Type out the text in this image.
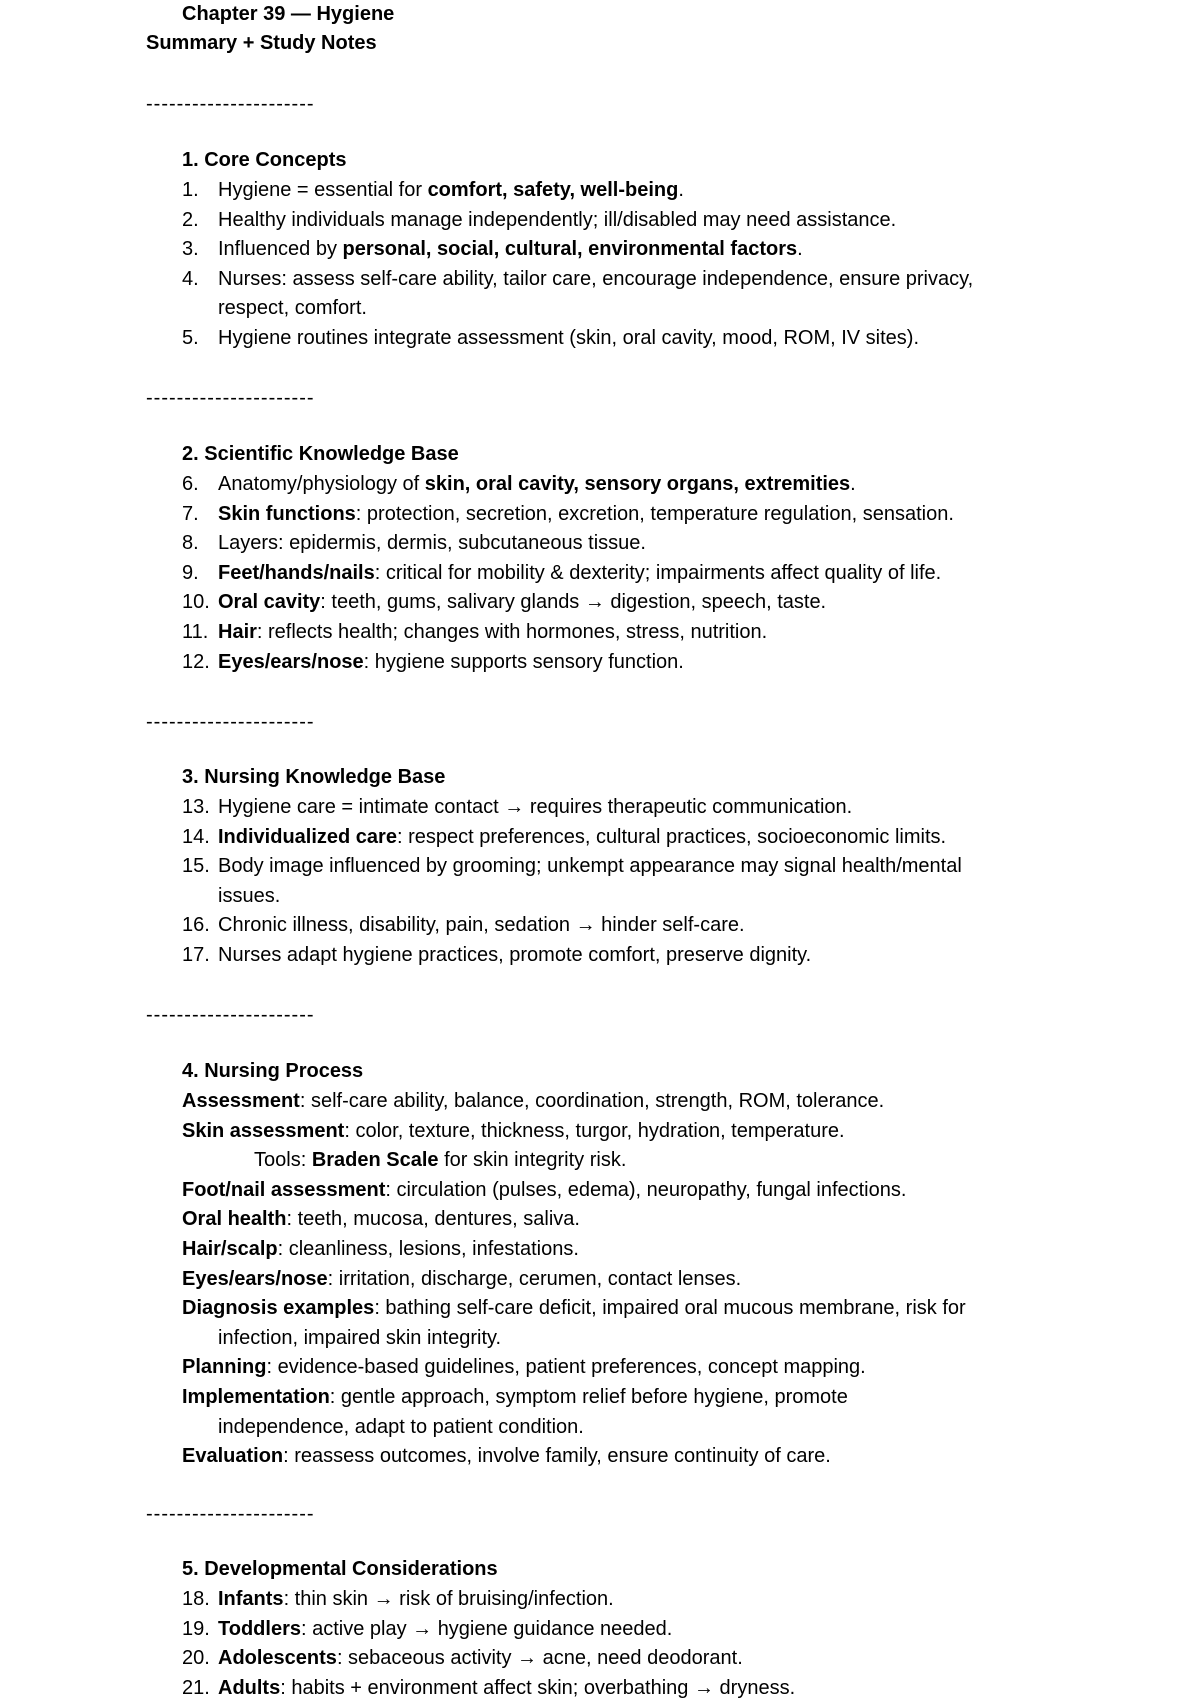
Chapter 39 — Hygiene
Summary + Study Notes
----------------------
1. Core Concepts
1. Hygiene = essential for comfort, safety, well-being.
2. Healthy individuals manage independently; ill/disabled may need assistance.
3. Influenced by personal, social, cultural, environmental factors.
4. Nurses: assess self-care ability, tailor care, encourage independence, ensure privacy,
respect, comfort.
5. Hygiene routines integrate assessment (skin, oral cavity, mood, ROM, IV sites).
----------------------
2. Scientific Knowledge Base
6. Anatomy/physiology of skin, oral cavity, sensory organs, extremities.
7. Skin functions: protection, secretion, excretion, temperature regulation, sensation.
8. Layers: epidermis, dermis, subcutaneous tissue.
9. Feet/hands/nails: critical for mobility & dexterity; impairments affect quality of life.
10. Oral cavity: teeth, gums, salivary glands → digestion, speech, taste.
11. Hair: reflects health; changes with hormones, stress, nutrition.
12. Eyes/ears/nose: hygiene supports sensory function.
----------------------
3. Nursing Knowledge Base
13. Hygiene care = intimate contact → requires therapeutic communication.
14. Individualized care: respect preferences, cultural practices, socioeconomic limits.
15. Body image influenced by grooming; unkempt appearance may signal health/mental
issues.
16. Chronic illness, disability, pain, sedation → hinder self-care.
17. Nurses adapt hygiene practices, promote comfort, preserve dignity.
----------------------
4. Nursing Process
Assessment: self-care ability, balance, coordination, strength, ROM, tolerance.
Skin assessment: color, texture, thickness, turgor, hydration, temperature.
Tools: Braden Scale for skin integrity risk.
Foot/nail assessment: circulation (pulses, edema), neuropathy, fungal infections.
Oral health: teeth, mucosa, dentures, saliva.
Hair/scalp: cleanliness, lesions, infestations.
Eyes/ears/nose: irritation, discharge, cerumen, contact lenses.
Diagnosis examples: bathing self-care deficit, impaired oral mucous membrane, risk for
infection, impaired skin integrity.
Planning: evidence-based guidelines, patient preferences, concept mapping.
Implementation: gentle approach, symptom relief before hygiene, promote
independence, adapt to patient condition.
Evaluation: reassess outcomes, involve family, ensure continuity of care.
----------------------
5. Developmental Considerations
18. Infants: thin skin → risk of bruising/infection.
19. Toddlers: active play → hygiene guidance needed.
20. Adolescents: sebaceous activity → acne, need deodorant.
21. Adults: habits + environment affect skin; overbathing → dryness.
